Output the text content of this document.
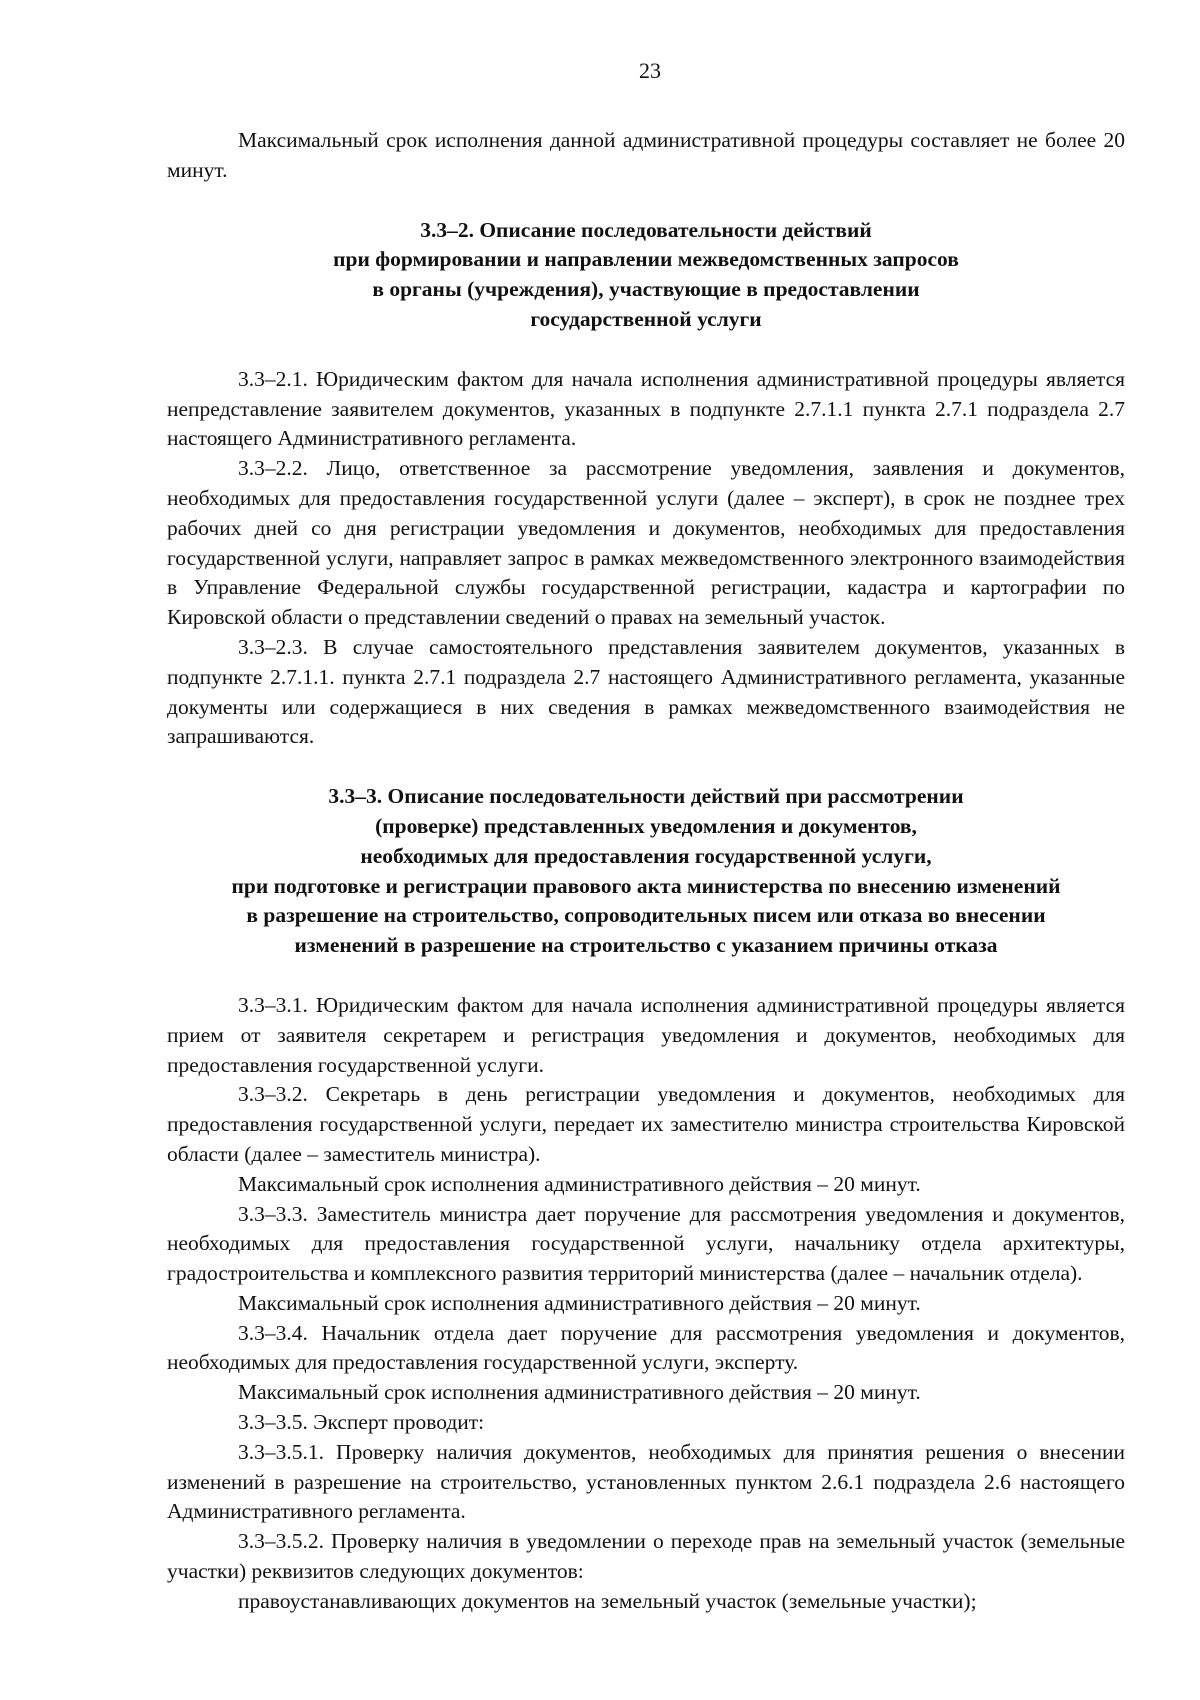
23

Максимальный срок исполнения данной административной процедуры составляет не более 20 минут.

3.3–2. Описание последовательности действий
при формировании и направлении межведомственных запросов
в органы (учреждения), участвующие в предоставлении
государственной услуги

3.3–2.1. Юридическим фактом для начала исполнения административной процедуры является непредставление заявителем документов, указанных в подпункте 2.7.1.1 пункта 2.7.1 подраздела 2.7 настоящего Административного регламента.

3.3–2.2. Лицо, ответственное за рассмотрение уведомления, заявления и документов, необходимых для предоставления государственной услуги (далее – эксперт), в срок не позднее трех рабочих дней со дня регистрации уведомления и документов, необходимых для предоставления государственной услуги, направляет запрос в рамках межведомственного электронного взаимодействия в Управление Федеральной службы государственной регистрации, кадастра и картографии по Кировской области о представлении сведений о правах на земельный участок.

3.3–2.3. В случае самостоятельного представления заявителем документов, указанных в подпункте 2.7.1.1. пункта 2.7.1 подраздела 2.7 настоящего Административного регламента, указанные документы или содержащиеся в них сведения в рамках межведомственного взаимодействия не запрашиваются.

3.3–3. Описание последовательности действий при рассмотрении
(проверке) представленных уведомления и документов,
необходимых для предоставления государственной услуги,
при подготовке и регистрации правового акта министерства по внесению изменений
в разрешение на строительство, сопроводительных писем или отказа во внесении
изменений в разрешение на строительство с указанием причины отказа

3.3–3.1. Юридическим фактом для начала исполнения административной процедуры является прием от заявителя секретарем и регистрация уведомления и документов, необходимых для предоставления государственной услуги.

3.3–3.2. Секретарь в день регистрации уведомления и документов, необходимых для предоставления государственной услуги, передает их заместителю министра строительства Кировской области (далее – заместитель министра).

Максимальный срок исполнения административного действия – 20 минут.

3.3–3.3. Заместитель министра дает поручение для рассмотрения уведомления и документов, необходимых для предоставления государственной услуги, начальнику отдела архитектуры, градостроительства и комплексного развития территорий министерства (далее – начальник отдела).

Максимальный срок исполнения административного действия – 20 минут.

3.3–3.4. Начальник отдела дает поручение для рассмотрения уведомления и документов, необходимых для предоставления государственной услуги, эксперту.

Максимальный срок исполнения административного действия – 20 минут.

3.3–3.5. Эксперт проводит:

3.3–3.5.1. Проверку наличия документов, необходимых для принятия решения о внесении изменений в разрешение на строительство, установленных пунктом 2.6.1 подраздела 2.6 настоящего Административного регламента.

3.3–3.5.2. Проверку наличия в уведомлении о переходе прав на земельный участок (земельные участки) реквизитов следующих документов:

правоустанавливающих документов на земельный участок (земельные участки);
